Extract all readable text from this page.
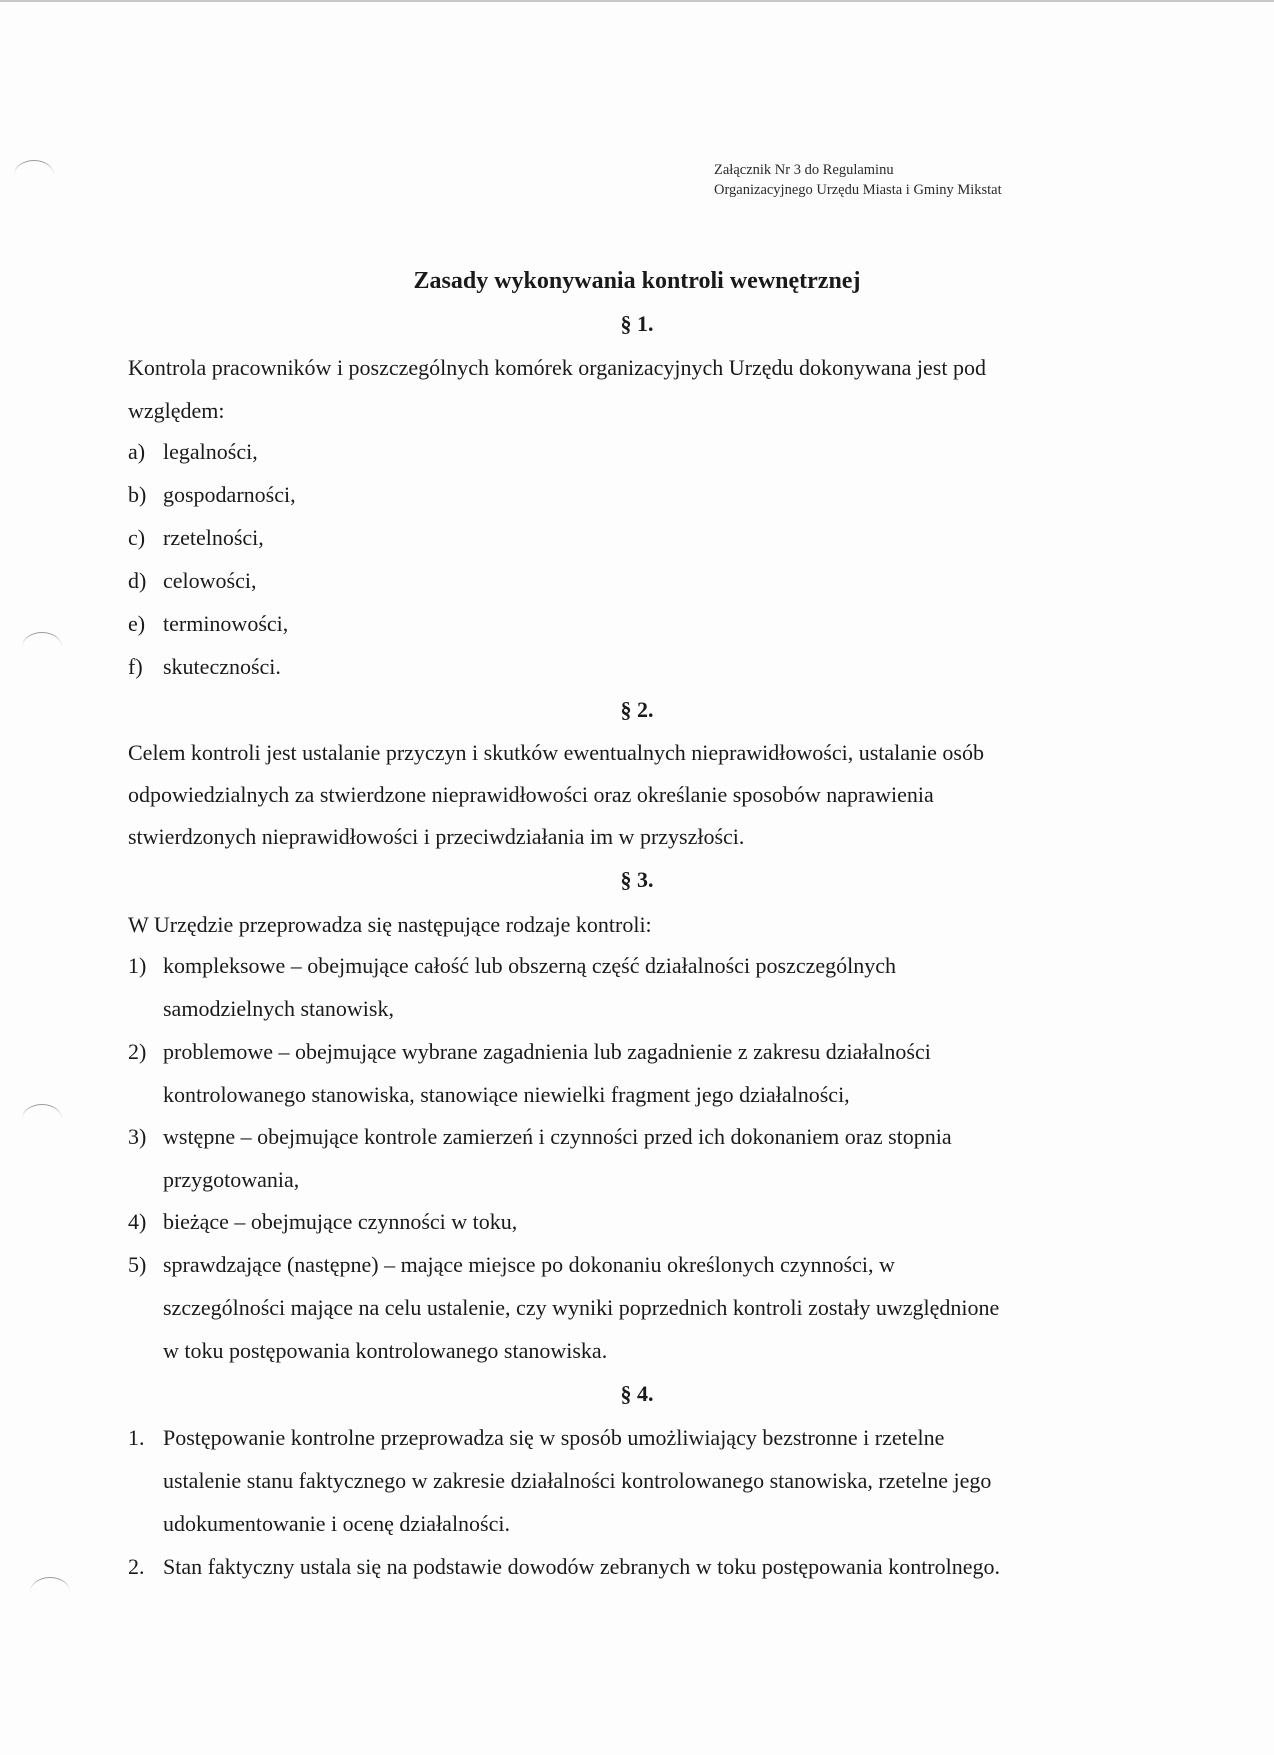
Załącznik Nr 3 do Regulaminu
Organizacyjnego Urzędu Miasta i Gminy Mikstat
Zasady wykonywania kontroli wewnętrznej
§ 1.
Kontrola pracowników i poszczególnych komórek organizacyjnych Urzędu dokonywana jest pod
względem:
a) legalności,
b) gospodarności,
c) rzetelności,
d) celowości,
e) terminowości,
f) skuteczności.
§ 2.
Celem kontroli jest ustalanie przyczyn i skutków ewentualnych nieprawidłowości, ustalanie osób
odpowiedzialnych za stwierdzone nieprawidłowości oraz określanie sposobów naprawienia
stwierdzonych nieprawidłowości i przeciwdziałania im w przyszłości.
§ 3.
W Urzędzie przeprowadza się następujące rodzaje kontroli:
1) kompleksowe – obejmujące całość lub obszerną część działalności poszczególnych
samodzielnych stanowisk,
2) problemowe – obejmujące wybrane zagadnienia lub zagadnienie z zakresu działalności
kontrolowanego stanowiska, stanowiące niewielki fragment jego działalności,
3) wstępne – obejmujące kontrole zamierzeń i czynności przed ich dokonaniem oraz stopnia
przygotowania,
4) bieżące – obejmujące czynności w toku,
5) sprawdzające (następne) – mające miejsce po dokonaniu określonych czynności, w
szczególności mające na celu ustalenie, czy wyniki poprzednich kontroli zostały uwzględnione
w toku postępowania kontrolowanego stanowiska.
§ 4.
1. Postępowanie kontrolne przeprowadza się w sposób umożliwiający bezstronne i rzetelne
ustalenie stanu faktycznego w zakresie działalności kontrolowanego stanowiska, rzetelne jego
udokumentowanie i ocenę działalności.
2. Stan faktyczny ustala się na podstawie dowodów zebranych w toku postępowania kontrolnego.
